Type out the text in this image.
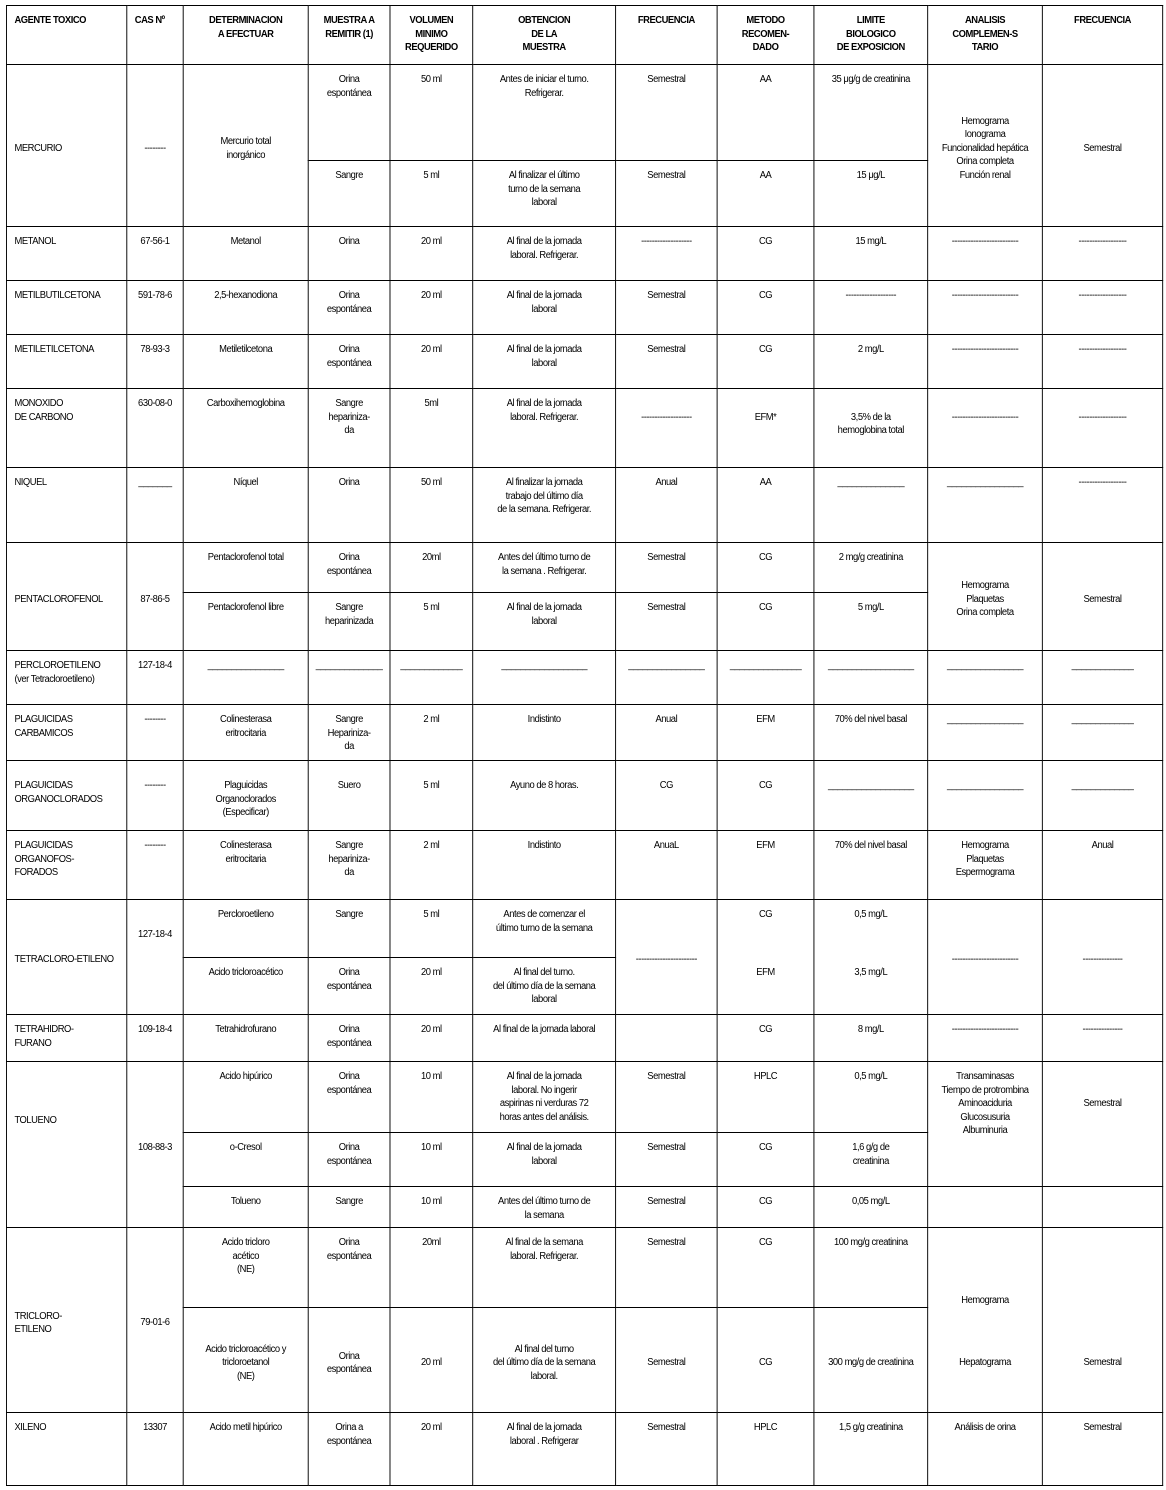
AGENTE TOXICO	CAS Nº	DETERMINACION
A EFECTUAR	MUESTRA A
REMITIR (1)	VOLUMEN
MINIMO
REQUERIDO	OBTENCION
DE LA
MUESTRA	FRECUENCIA	METODO
RECOMEN-
DADO	LIMITE
BIOLOGICO
DE EXPOSICION	ANALISIS
COMPLEMEN-S
TARIO	FRECUENCIA
MERCURIO	--------	Mercurio total
inorgánico	Orina
espontánea	50 ml	Antes de iniciar el turno.
Refrigerar.	Semestral	AA	35 μg/g de creatinina	Hemograma
Ionograma
Funcionalidad hepática
Orina completa
Función renal	Semestral
			Sangre	5 ml	Al finalizar el último
turno de la semana
laboral	Semestral	AA	15 μg/L		
METANOL	67-56-1	Metanol	Orina	20 ml	Al final de la jornada
laboral. Refrigerar.	-------------------	CG	15 mg/L	-------------------------	------------------
METILBUTILCETONA	591-78-6	2,5-hexanodiona	Orina
espontánea	20 ml	Al final de la jornada
laboral	Semestral	CG	-------------------	-------------------------	------------------
METILETILCETONA	78-93-3	Metiletilcetona	Orina
espontánea	20 ml	Al final de la jornada
laboral	Semestral	CG	2 mg/L	-------------------------	------------------
MONOXIDO
DE CARBONO	630-08-0	Carboxihemoglobina	Sangre
heparinizа-
da	5ml	Al final de la jornada
laboral. Refrigerar.	-------------------	EFM*	
3,5% de la
hemoglobina total	-------------------------	------------------
NIQUEL	_______	Níquel	Orina	50 ml	Al finalizar la jornada
trabajo del último día
de la semana. Refrigerar.	Anual	AA	______________	________________	------------------
PENTACLOROFENOL	87-86-5	Pentaclorofenol total	Orina
espontánea	20ml	Antes del último turno de
la semana . Refrigerar.	Semestral	CG	2 mg/g creatinina	Hemograma
Plaquetas
Orina completa	Semestral
		Pentaclorofenol libre	Sangre
heparinizada	5 ml	Al final de la jornada
laboral	Semestral	CG	5 mg/L		
PERCLOROETILENO
(ver Tetracloroetileno)	127-18-4	________________	______________	_____________	__________________	________________	_______________	__________________	________________	_____________
PLAGUICIDAS
CARBAMICOS	--------	Colinesterasa
eritrocitaria	Sangre
Heparinizа-
da	2 ml	Indistinto	Anual	EFM	70% del nivel basal	________________	_____________
PLAGUICIDAS
ORGANOCLORADOS	--------	Plaguicidas
Organoclorados
(Especificar)	Suero	5 ml	Ayuno de 8 horas.	CG	CG	__________________	________________	_____________
PLAGUICIDAS
ORGANOFOS-
FORADOS	--------	Colinesterasa
eritrocitaria	Sangre
heparinizа-
da	2 ml	Indistinto	AnuaL	EFM	70% del nivel basal	Hemograma
Plaquetas
Espermograma	Anual
TETRACLORO-ETILENO	127-18-4	Percloroetileno	Sangre	5 ml	Antes de comenzar el
último turno de la semana	-----------------------	CG	0,5 mg/L	-------------------------	---------------
		Acido tricloroacético	Orina
espontánea	20 ml	Al final del turno.
del último día de la semana
laboral		EFM	3,5 mg/L		
TETRAHIDRO-
FURANO	109-18-4	Tetrahidrofurano	Orina
espontánea	20 ml	Al final de la jornada laboral		CG	8 mg/L	-------------------------	---------------
TOLUENO	108-88-3	Acido hipúrico	Orina
espontánea	10 ml	Al final de la jornada
laboral. No ingerir
aspirinas ni verduras 72
horas antes del análisis.	Semestral	HPLC	0,5 mg/L	Transaminasas
Tiempo de protrombina
Aminoaciduria
Glucosusuria
Albuminuria	Semestral
		o-Cresol	Orina
espontánea	10 ml	Al final de la jornada
laboral	Semestral	CG	1,6 g/g de
creatinina		
		Tolueno	Sangre	10 ml	Antes del último turno de
la semana	Semestral	CG	0,05 mg/L		
TRICLORO-
ETILENO	79-01-6	Acido tricloro
acético
(NE)	Orina
espontánea	20ml	Al final de la semana
laboral. Refrigerar.	Semestral	CG	100 mg/g creatinina	Hemograma	
		Acido tricloroacético y
tricloroetanol
(NE)	Orina
espontánea	20 ml	Al final del turno
del último día de la semana
laboral.	Semestral	CG	300 mg/g de creatinina	Hepatograma	Semestral
XILENO	13307	Acido metil hipúrico	Orina a
espontánea	20 ml	Al final de la jornada
laboral . Refrigerar	Semestral	HPLC	1,5 g/g creatinina	Análisis de orina	Semestral
